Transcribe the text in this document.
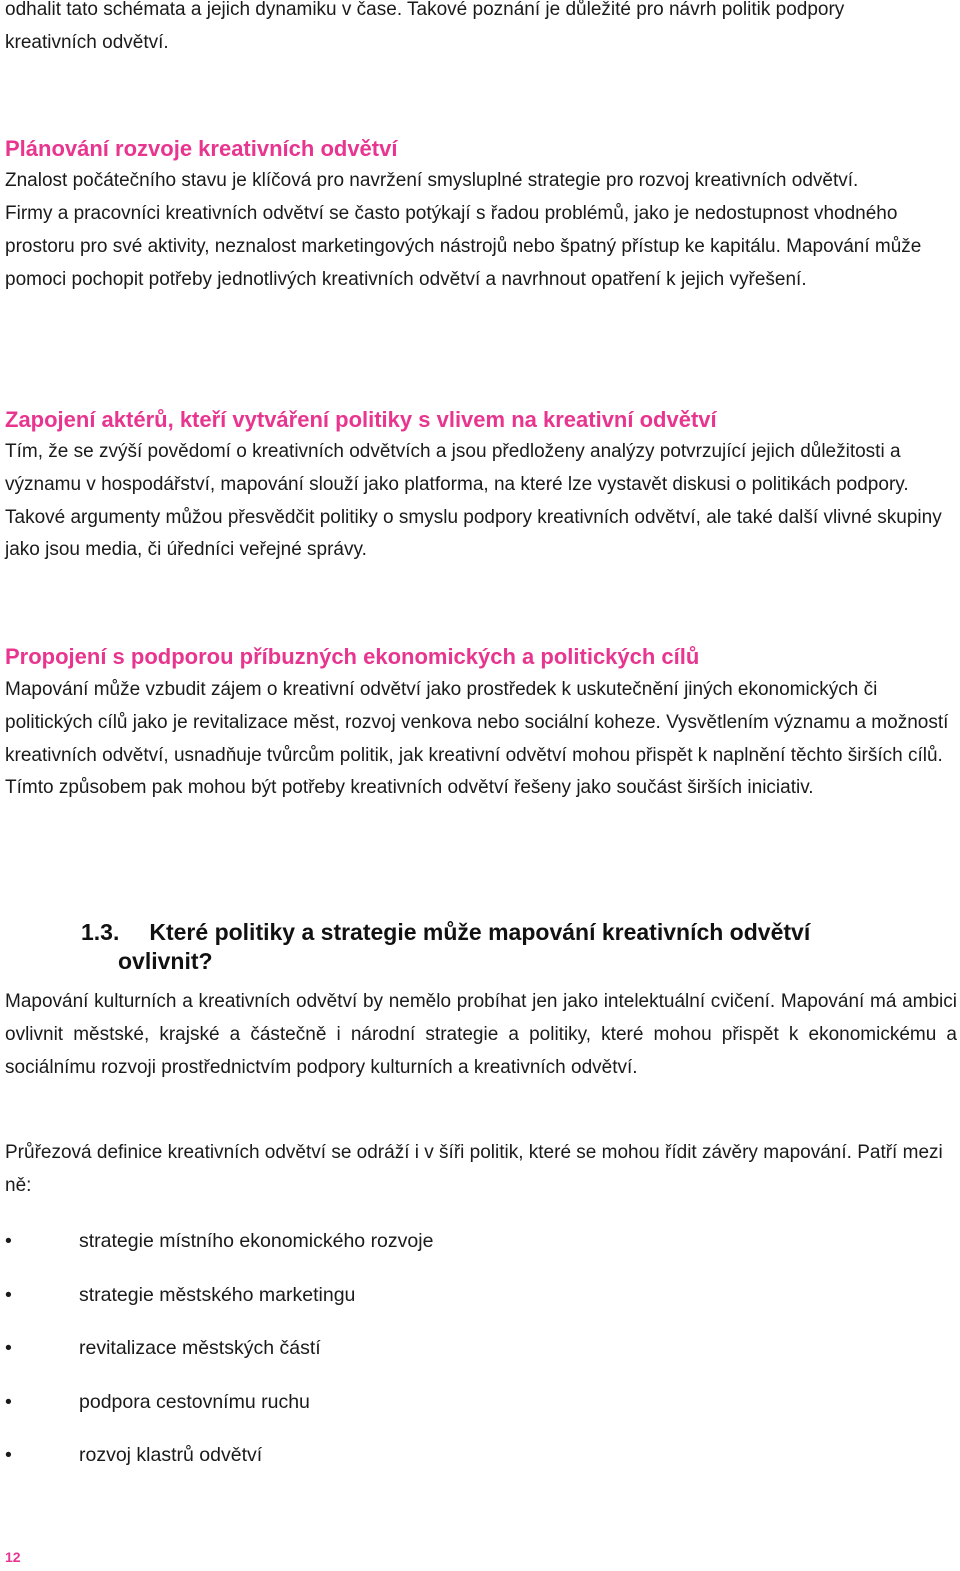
odhalit tato schémata a jejich dynamiku v čase. Takové poznání je důležité pro návrh politik podpory

kreativních odvětví.

Plánování rozvoje kreativních odvětví

Znalost počátečního stavu je klíčová pro navržení smysluplné strategie pro rozvoj kreativních odvětví.

Firmy a pracovníci kreativních odvětví se často potýkají s řadou problémů, jako je nedostupnost vhodného prostoru pro své aktivity, neznalost marketingových nástrojů nebo špatný přístup ke kapitálu. Mapování může pomoci pochopit potřeby jednotlivých kreativních odvětví a navrhnout opatření k jejich vyřešení.

Zapojení aktérů, kteří vytváření politiky s vlivem na kreativní odvětví

Tím, že se zvýší povědomí o kreativních odvětvích a jsou předloženy analýzy potvrzující jejich důležitosti a významu v hospodářství, mapování slouží jako platforma, na které lze vystavět diskusi o politikách podpory. Takové argumenty můžou přesvědčit politiky o smyslu podpory kreativních odvětví, ale také další vlivné skupiny jako jsou media, či úředníci veřejné správy.

Propojení s podporou příbuzných ekonomických a politických cílů

Mapování může vzbudit zájem o kreativní odvětví jako prostředek k uskutečnění jiných ekonomických či politických cílů jako je revitalizace měst, rozvoj venkova nebo sociální koheze. Vysvětlením významu a možností kreativních odvětví, usnadňuje tvůrcům politik, jak kreativní odvětví mohou přispět k naplnění těchto širších cílů. Tímto způsobem pak mohou být potřeby kreativních odvětví řešeny jako součást širších iniciativ.

1.3. Které politiky a strategie může mapování kreativních odvětví
ovlivnit?

Mapování kulturních a kreativních odvětví by nemělo probíhat jen jako intelektuální cvičení. Mapování má ambici ovlivnit městské, krajské a částečně i národní strategie a politiky, které mohou přispět k ekonomickému a sociálnímu rozvoji prostřednictvím podpory kulturních a kreativních odvětví.

Průřezová definice kreativních odvětví se odráží i v šíři politik, které se mohou řídit závěry mapování. Patří mezi ně:

•	strategie místního ekonomického rozvoje
•	strategie městského marketingu
•	revitalizace městských částí
•	podpora cestovnímu ruchu
•	rozvoj klastrů odvětví
12
